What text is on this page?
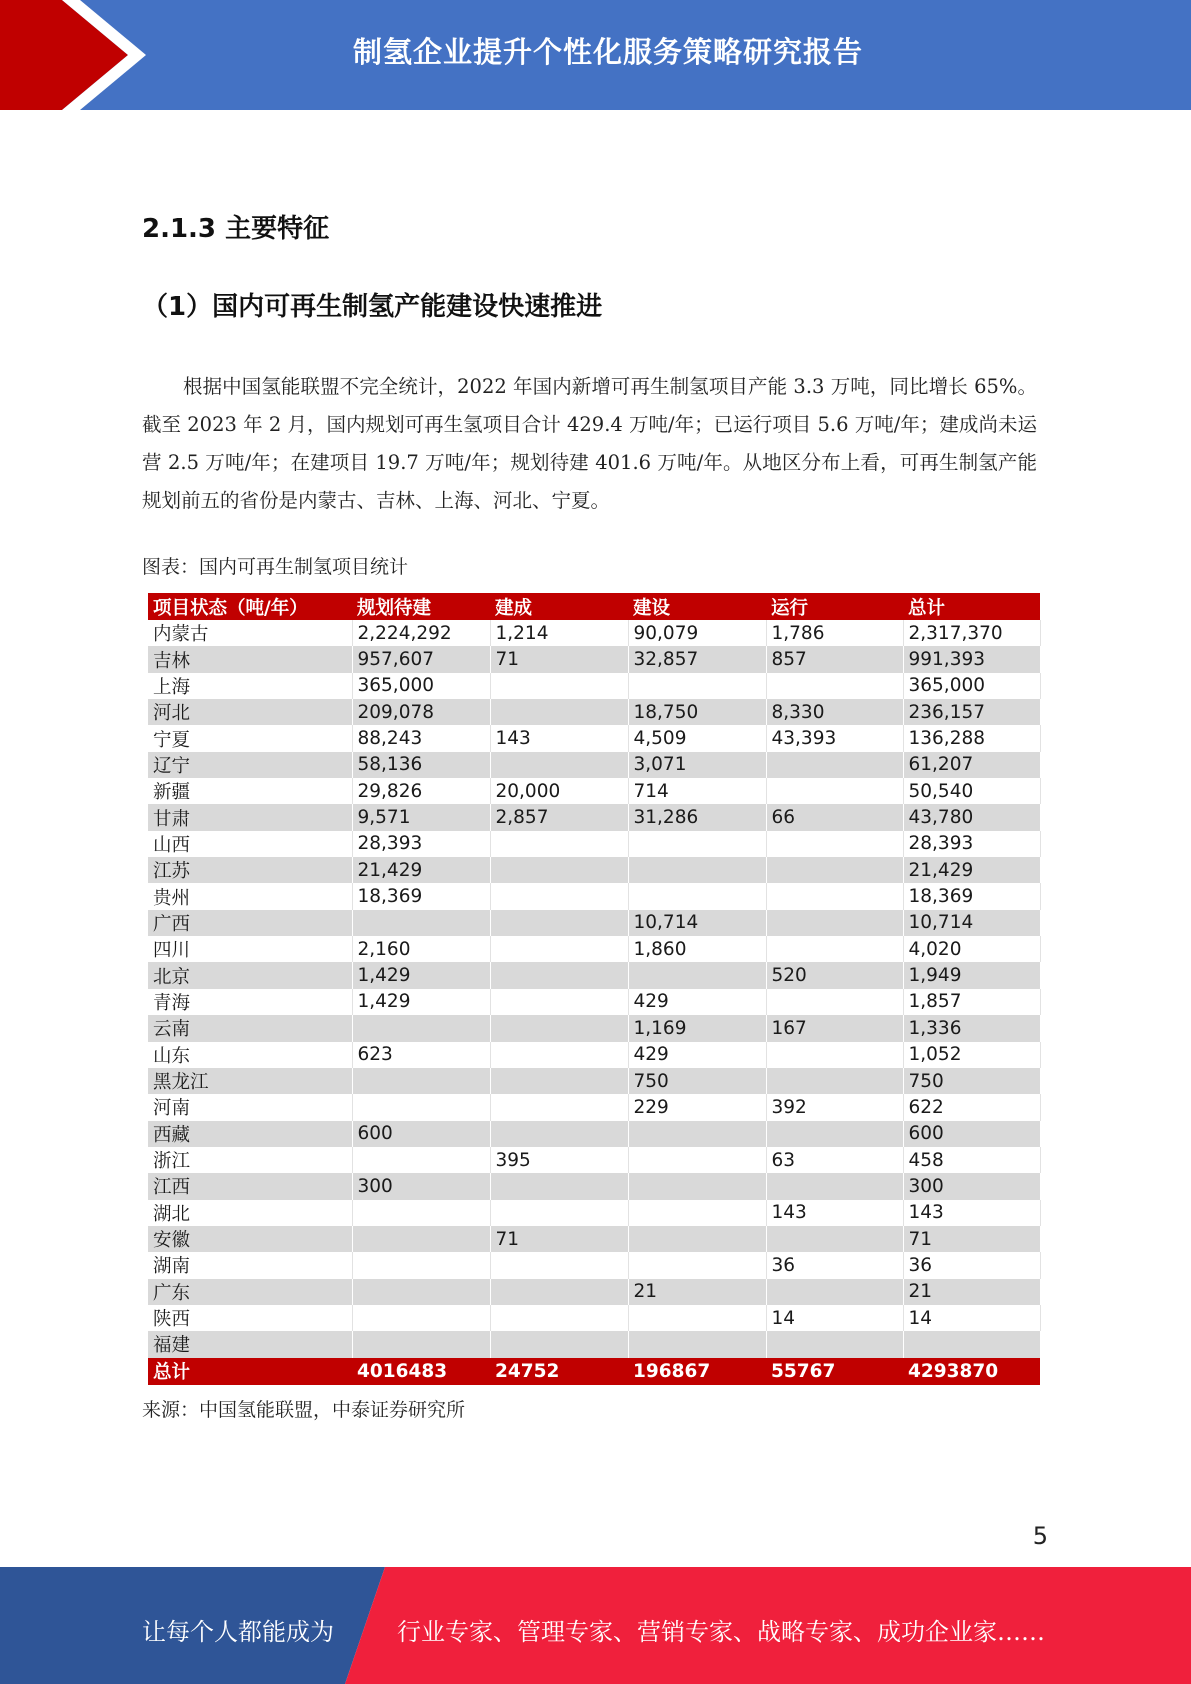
制氢企业提升个性化服务策略研究报告
2.1.3 主要特征
（1）国内可再生制氢产能建设快速推进
根据中国氢能联盟不完全统计，2022 年国内新增可再生制氢项目产能 3.3 万吨，同比增长 65%。截至 2023 年 2 月，国内规划可再生氢项目合计 429.4 万吨/年；已运行项目 5.6 万吨/年；建成尚未运营 2.5 万吨/年；在建项目 19.7 万吨/年；规划待建 401.6 万吨/年。从地区分布上看，可再生制氢产能规划前五的省份是内蒙古、吉林、上海、河北、宁夏。
图表：国内可再生制氢项目统计
项目状态（吨/年）	规划待建	建成	建设	运行	总计
内蒙古	2,224,292	1,214	90,079	1,786	2,317,370
吉林	957,607	71	32,857	857	991,393
上海	365,000				365,000
河北	209,078		18,750	8,330	236,157
宁夏	88,243	143	4,509	43,393	136,288
辽宁	58,136		3,071		61,207
新疆	29,826	20,000	714		50,540
甘肃	9,571	2,857	31,286	66	43,780
山西	28,393				28,393
江苏	21,429				21,429
贵州	18,369				18,369
广西			10,714		10,714
四川	2,160		1,860		4,020
北京	1,429			520	1,949
青海	1,429		429		1,857
云南			1,169	167	1,336
山东	623		429		1,052
黑龙江			750		750
河南			229	392	622
西藏	600				600
浙江		395		63	458
江西	300				300
湖北				143	143
安徽		71			71
湖南				36	36
广东			21		21
陕西				14	14
福建					
总计	4016483	24752	196867	55767	4293870
来源：中国氢能联盟，中泰证券研究所
5
让每个人都能成为	行业专家、管理专家、营销专家、战略专家、成功企业家……
